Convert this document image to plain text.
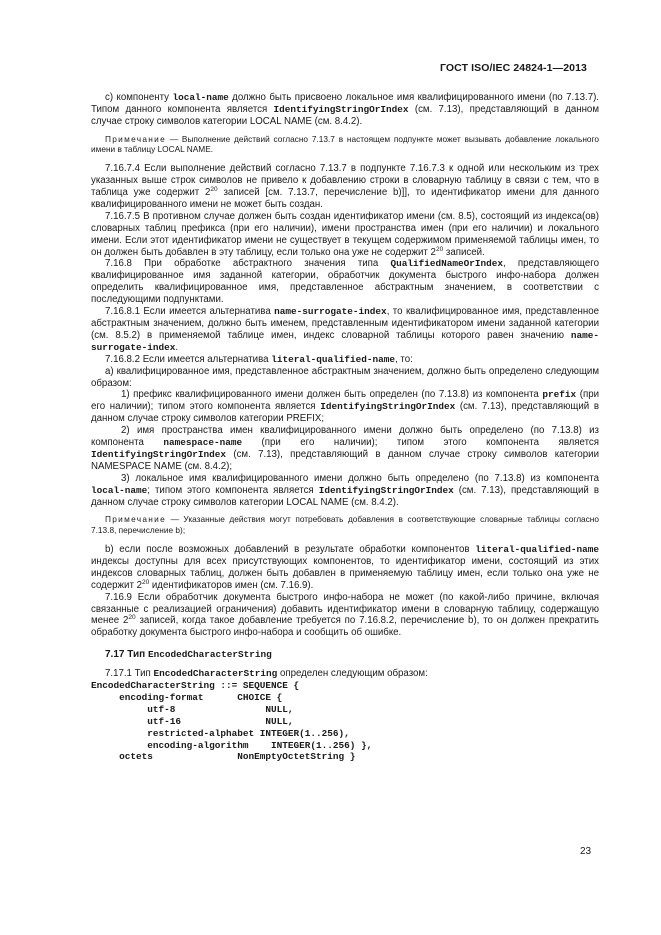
ГОСТ ISO/IEC 24824-1—2013

с) компоненту local-name должно быть присвоено локальное имя квалифицированного имени (по 7.13.7). Типом данного компонента является IdentifyingStringOrIndex (см. 7.13), представляющий в данном случае строку символов категории LOCAL NAME (см. 8.4.2).

Примечание — Выполнение действий согласно 7.13.7 в настоящем подпункте может вызывать добавление локального имени в таблицу LOCAL NAME.

7.16.7.4 Если выполнение действий согласно 7.13.7 в подпункте 7.16.7.3 к одной или нескольким из трех указанных выше строк символов не привело к добавлению строки в словарную таблицу в связи с тем, что в таблица уже содержит $2^{20}$ записей [см. 7.13.7, перечисление b)]], то идентификатор имени для данного квалифицированного имени не может быть создан.

7.16.7.5 В противном случае должен быть создан идентификатор имени (см. 8.5), состоящий из индекса(ов) словарных таблиц префикса (при его наличии), имени пространства имен (при его наличии) и локального имени. Если этот идентификатор имени не существует в текущем содержимом применяемой таблицы имен, то он должен быть добавлен в эту таблицу, если только она уже не содержит $2^{20}$ записей.

7.16.8 При обработке абстрактного значения типа QualifiedNameOrIndex, представляющего квалифицированное имя заданной категории, обработчик документа быстрого инфо-набора должен определить квалифицированное имя, представленное абстрактным значением, в соответствии с последующими подпунктами.

7.16.8.1 Если имеется альтернатива name-surrogate-index, то квалифицированное имя, представленное абстрактным значением, должно быть именем, представленным идентификатором имени заданной категории (см. 8.5.2) в применяемой таблице имен, индекс словарной таблицы которого равен значению name-surrogate-index.

7.16.8.2 Если имеется альтернатива literal-qualified-name, то:

а) квалифицированное имя, представленное абстрактным значением, должно быть определено следующим образом:

1) префикс квалифицированного имени должен быть определен (по 7.13.8) из компонента prefix (при его наличии); типом этого компонента является IdentifyingStringOrIndex (см. 7.13), представляющий в данном случае строку символов категории PREFIX;

2) имя пространства имен квалифицированного имени должно быть определено (по 7.13.8) из компонента namespace-name (при его наличии); типом этого компонента является IdentifyingStringOrIndex (см. 7.13), представляющий в данном случае строку символов категории NAMESPACE NAME (см. 8.4.2);

3) локальное имя квалифицированного имени должно быть определено (по 7.13.8) из компонента local-name; типом этого компонента является IdentifyingStringOrIndex (см. 7.13), представляющий в данном случае строку символов категории LOCAL NAME (см. 8.4.2).

Примечание — Указанные действия могут потребовать добавления в соответствующие словарные таблицы согласно 7.13.8, перечисление b);

b) если после возможных добавлений в результате обработки компонентов literal-qualified-name индексы доступны для всех присутствующих компонентов, то идентификатор имени, состоящий из этих индексов словарных таблиц, должен быть добавлен в применяемую таблицу имен, если только она уже не содержит $2^{20}$ идентификаторов имен (см. 7.16.9).

7.16.9 Если обработчик документа быстрого инфо-набора не может (по какой-либо причине, включая связанные с реализацией ограничения) добавить идентификатор имени в словарную таблицу, содержащую менее $2^{20}$ записей, когда такое добавление требуется по 7.16.8.2, перечисление b), то он должен прекратить обработку документа быстрого инфо-набора и сообщить об ошибке.

7.17 Тип EncodedCharacterString

7.17.1 Тип EncodedCharacterString определен следующим образом:

EncodedCharacterString ::= SEQUENCE {

encoding-format      CHOICE {

utf-8                NULL,

utf-16               NULL,

restricted-alphabet INTEGER(1..256),

encoding-algorithm    INTEGER(1..256) },

octets               NonEmptyOctetString }

23
